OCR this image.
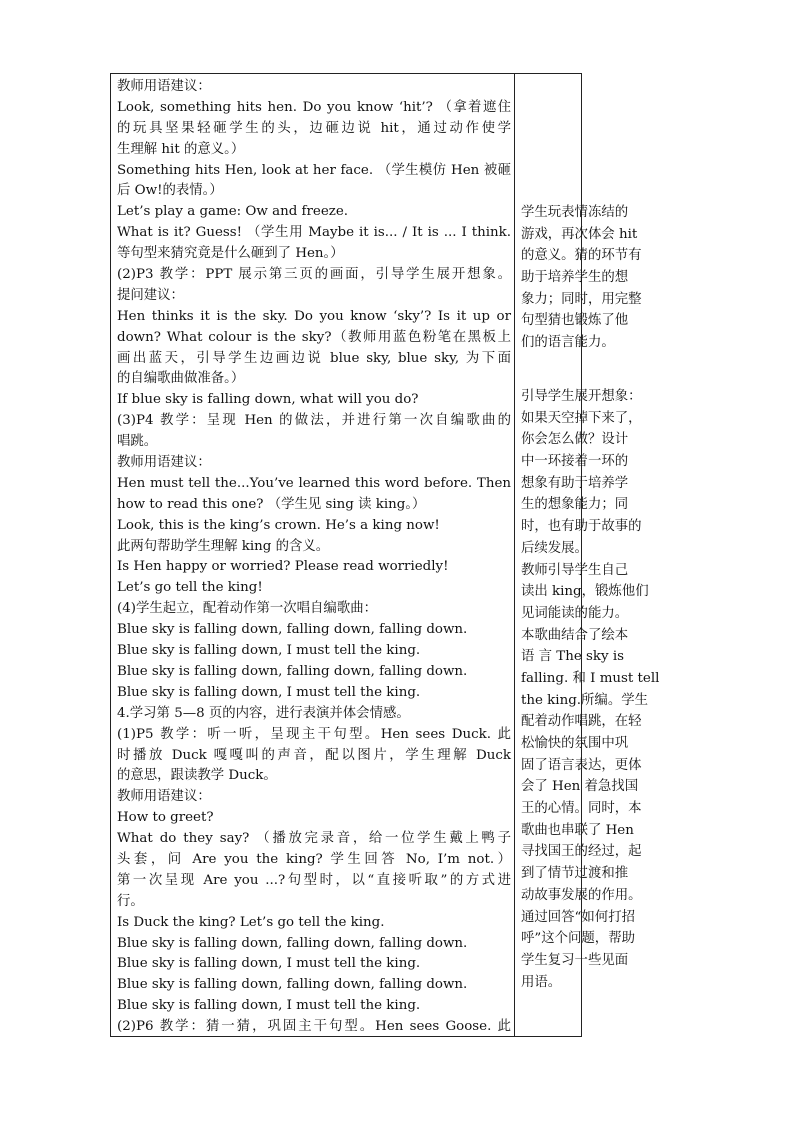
教师用语建议：
Look, something hits hen. Do you know ‘hit’? （拿着遮住
的玩具坚果轻砸学生的头，边砸边说 hit，通过动作使学
生理解 hit 的意义。）
Something hits Hen, look at her face. （学生模仿 Hen 被砸
后 Ow!的表情。）
Let’s play a game: Ow and freeze.
What is it? Guess! （学生用 Maybe it is... / It is ... I think.
等句型来猜究竟是什么砸到了 Hen。）
(2)P3 教学：PPT 展示第三页的画面，引导学生展开想象。
提问建议：
Hen thinks it is the sky. Do you know ‘sky’? Is it up or
down? What colour is the sky?（教师用蓝色粉笔在黑板上
画出蓝天，引导学生边画边说 blue sky, blue sky, 为下面
的自编歌曲做准备。）
If blue sky is falling down, what will you do?
(3)P4 教学：呈现 Hen 的做法，并进行第一次自编歌曲的
唱跳。
教师用语建议：
Hen must tell the...You’ve learned this word before. Then
how to read this one? （学生见 sing 读 king。）
Look, this is the king’s crown. He’s a king now!
此两句帮助学生理解 king 的含义。
Is Hen happy or worried? Please read worriedly!
Let’s go tell the king!
(4)学生起立，配着动作第一次唱自编歌曲：
Blue sky is falling down, falling down, falling down.
Blue sky is falling down, I must tell the king.
Blue sky is falling down, falling down, falling down.
Blue sky is falling down, I must tell the king.
4.学习第 5—8 页的内容，进行表演并体会情感。
(1)P5 教学：听一听，呈现主干句型。Hen sees Duck. 此
时播放 Duck 嘎嘎叫的声音，配以图片，学生理解 Duck
的意思，跟读教学 Duck。
教师用语建议：
How to greet?
What do they say? （播放完录音，给一位学生戴上鸭子
头套，问 Are you the king? 学生回答 No, I’m not.）
第一次呈现 Are you ...?句型时，以“直接听取”的方式进
行。
Is Duck the king? Let’s go tell the king.
Blue sky is falling down, falling down, falling down.
Blue sky is falling down, I must tell the king.
Blue sky is falling down, falling down, falling down.
Blue sky is falling down, I must tell the king.
(2)P6 教学：猜一猜，巩固主干句型。Hen sees Goose. 此
学生玩表情冻结的
游戏，再次体会 hit
的意义。猜的环节有
助于培养学生的想
象力；同时，用完整
句型猜也锻炼了他
们的语言能力。
引导学生展开想象：
如果天空掉下来了，
你会怎么做？设计
中一环接着一环的
想象有助于培养学
生的想象能力；同
时，也有助于故事的
后续发展。
教师引导学生自己
读出 king，锻炼他们
见词能读的能力。
本歌曲结合了绘本
语 言 The sky is
falling. 和 I must tell
the king.所编。学生
配着动作唱跳，在轻
松愉快的氛围中巩
固了语言表达，更体
会了 Hen 着急找国
王的心情。同时，本
歌曲也串联了 Hen
寻找国王的经过，起
到了情节过渡和推
动故事发展的作用。
通过回答“如何打招
呼”这个问题，帮助
学生复习一些见面
用语。
